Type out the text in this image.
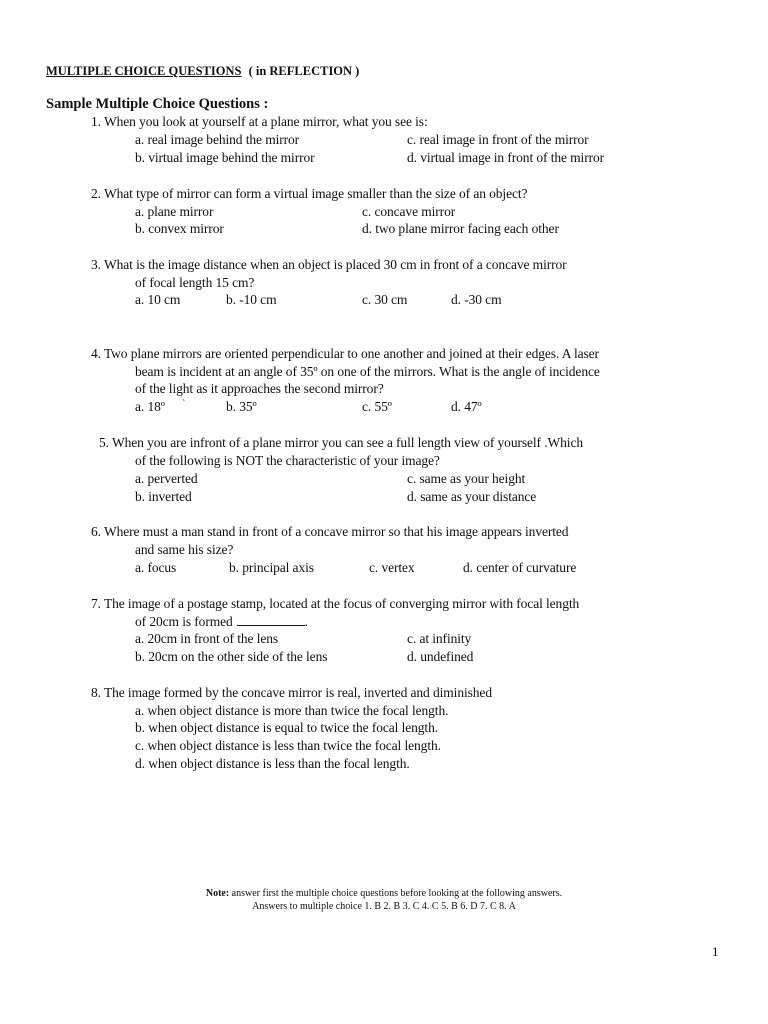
MULTIPLE CHOICE QUESTIONS ( in REFLECTION )
Sample Multiple Choice Questions :
1. When you look at yourself at a plane mirror, what you see is:
a. real image behind the mirror
b. virtual image behind the mirror
c. real image in front of the mirror
d. virtual image in front of the mirror
2. What type of mirror can form a virtual image smaller than the size of an object?
a. plane mirror
b. convex mirror
c. concave mirror
d. two plane mirror facing each other
3. What is the image distance when an object is placed 30 cm in front of a concave mirror
of focal length 15 cm?
a. 10 cm	b. -10 cm	c. 30 cm	d. -30 cm
4. Two plane mirrors are oriented perpendicular to one another and joined at their edges. A laser
beam is incident at an angle of 35º on one of the mirrors. What is the angle of incidence
of the light as it approaches the second mirror?
a. 18º `	b. 35º	c. 55º	d. 47º
5. When you are infront of a plane mirror you can see a full length view of yourself .Which
of the following is NOT the characteristic of your image?
a. perverted
b. inverted
c. same as your height
d. same as your distance
6. Where must a man stand in front of a concave mirror so that his image appears inverted
and same his size?
a. focus	b. principal axis	c. vertex	d. center of curvature
7. The image of a postage stamp, located at the focus of converging mirror with focal length
of 20cm is formed	.
a. 20cm in front of the lens
b. 20cm on the other side of the lens
c. at infinity
d. undefined
8. The image formed by the concave mirror is real, inverted and diminished
a. when object distance is more than twice the focal length.
b. when object distance is equal to twice the focal length.
c. when object distance is less than twice the focal length.
d. when object distance is less than the focal length.
Note: answer first the multiple choice questions before looking at the following answers.
Answers to multiple choice 1. B 2. B 3. C 4. C 5. B 6. D 7. C 8. A
1
